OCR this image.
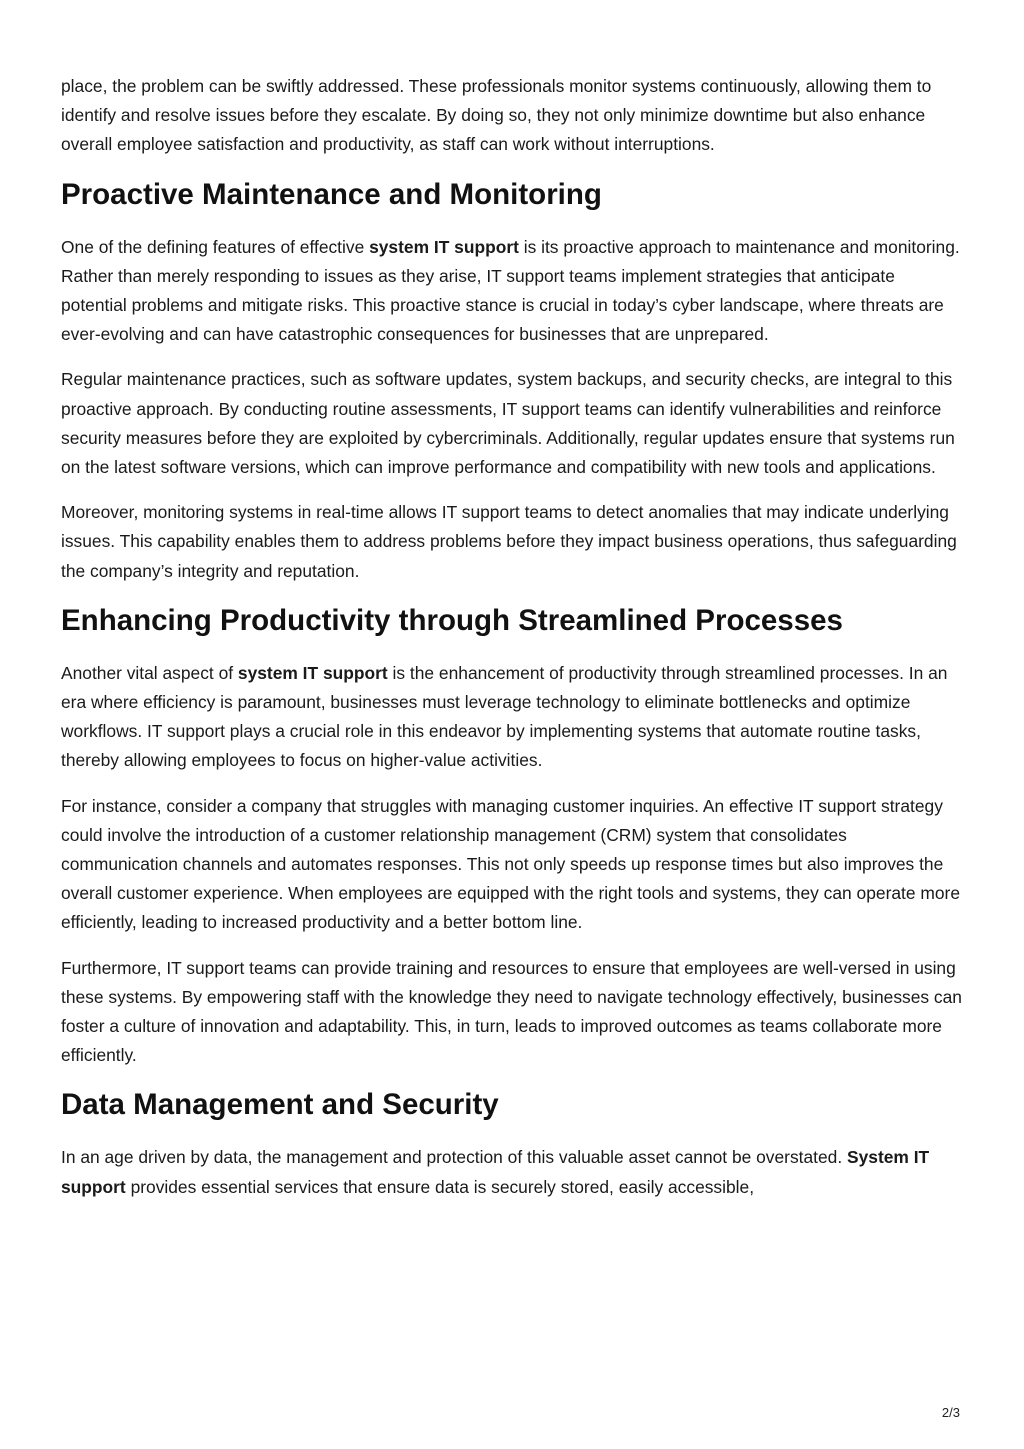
place, the problem can be swiftly addressed. These professionals monitor systems continuously, allowing them to identify and resolve issues before they escalate. By doing so, they not only minimize downtime but also enhance overall employee satisfaction and productivity, as staff can work without interruptions.

Proactive Maintenance and Monitoring

One of the defining features of effective system IT support is its proactive approach to maintenance and monitoring. Rather than merely responding to issues as they arise, IT support teams implement strategies that anticipate potential problems and mitigate risks. This proactive stance is crucial in today’s cyber landscape, where threats are ever-evolving and can have catastrophic consequences for businesses that are unprepared.

Regular maintenance practices, such as software updates, system backups, and security checks, are integral to this proactive approach. By conducting routine assessments, IT support teams can identify vulnerabilities and reinforce security measures before they are exploited by cybercriminals. Additionally, regular updates ensure that systems run on the latest software versions, which can improve performance and compatibility with new tools and applications.

Moreover, monitoring systems in real-time allows IT support teams to detect anomalies that may indicate underlying issues. This capability enables them to address problems before they impact business operations, thus safeguarding the company’s integrity and reputation.

Enhancing Productivity through Streamlined Processes

Another vital aspect of system IT support is the enhancement of productivity through streamlined processes. In an era where efficiency is paramount, businesses must leverage technology to eliminate bottlenecks and optimize workflows. IT support plays a crucial role in this endeavor by implementing systems that automate routine tasks, thereby allowing employees to focus on higher-value activities.

For instance, consider a company that struggles with managing customer inquiries. An effective IT support strategy could involve the introduction of a customer relationship management (CRM) system that consolidates communication channels and automates responses. This not only speeds up response times but also improves the overall customer experience. When employees are equipped with the right tools and systems, they can operate more efficiently, leading to increased productivity and a better bottom line.

Furthermore, IT support teams can provide training and resources to ensure that employees are well-versed in using these systems. By empowering staff with the knowledge they need to navigate technology effectively, businesses can foster a culture of innovation and adaptability. This, in turn, leads to improved outcomes as teams collaborate more efficiently.

Data Management and Security

In an age driven by data, the management and protection of this valuable asset cannot be overstated. System IT support provides essential services that ensure data is securely stored, easily accessible,

2/3
